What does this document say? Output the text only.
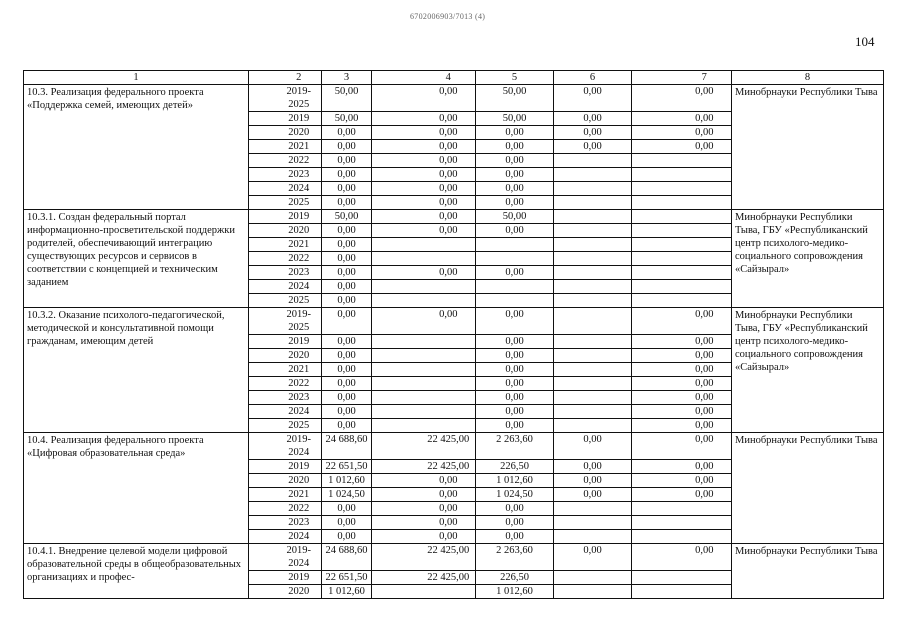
6702006903/7013 (4)
104
1		2	3		4	5	6		7	8
10.3. Реализация федерального проекта «Поддержка семей, имеющих детей»		2019-2025	50,00		0,00	50,00	0,00		0,00	Минобрнауки Республики Тыва
		2019	50,00		0,00	50,00	0,00		0,00	
		2020	0,00		0,00	0,00	0,00		0,00	
		2021	0,00		0,00	0,00	0,00		0,00	
		2022	0,00		0,00	0,00				
		2023	0,00		0,00	0,00				
		2024	0,00		0,00	0,00				
		2025	0,00		0,00	0,00				
10.3.1. Создан федеральный портал информационно-просветительской поддержки родителей, обеспечивающий интеграцию существующих ресурсов и сервисов в соответствии с концепцией и техническим заданием		2019	50,00		0,00	50,00				Минобрнауки Республики Тыва, ГБУ «Республиканский центр психолого-медико-социального сопровождения «Сайзырал»
		2020	0,00		0,00	0,00				
		2021	0,00							
		2022	0,00							
		2023	0,00		0,00	0,00				
		2024	0,00							
		2025	0,00							
10.3.2. Оказание психолого-педагогической, методической и консультативной помощи гражданам, имеющим детей		2019-2025	0,00		0,00	0,00			0,00	Минобрнауки Республики Тыва, ГБУ «Республиканский центр психолого-медико-социального сопровождения «Сайзырал»
		2019	0,00			0,00			0,00	
		2020	0,00			0,00			0,00	
		2021	0,00			0,00			0,00	
		2022	0,00			0,00			0,00	
		2023	0,00			0,00			0,00	
		2024	0,00			0,00			0,00	
		2025	0,00			0,00			0,00	
10.4. Реализация федерального проекта «Цифровая образовательная среда»		2019-2024	24 688,60		22 425,00	2 263,60	0,00		0,00	Минобрнауки Республики Тыва
		2019	22 651,50		22 425,00	226,50	0,00		0,00	
		2020	1 012,60		0,00	1 012,60	0,00		0,00	
		2021	1 024,50		0,00	1 024,50	0,00		0,00	
		2022	0,00		0,00	0,00				
		2023	0,00		0,00	0,00				
		2024	0,00		0,00	0,00				
10.4.1. Внедрение целевой модели цифровой образовательной среды в общеобразовательных организациях и профес-		2019-2024	24 688,60		22 425,00	2 263,60	0,00		0,00	Минобрнауки Республики Тыва
		2019	22 651,50		22 425,00	226,50				
		2020	1 012,60			1 012,60				
